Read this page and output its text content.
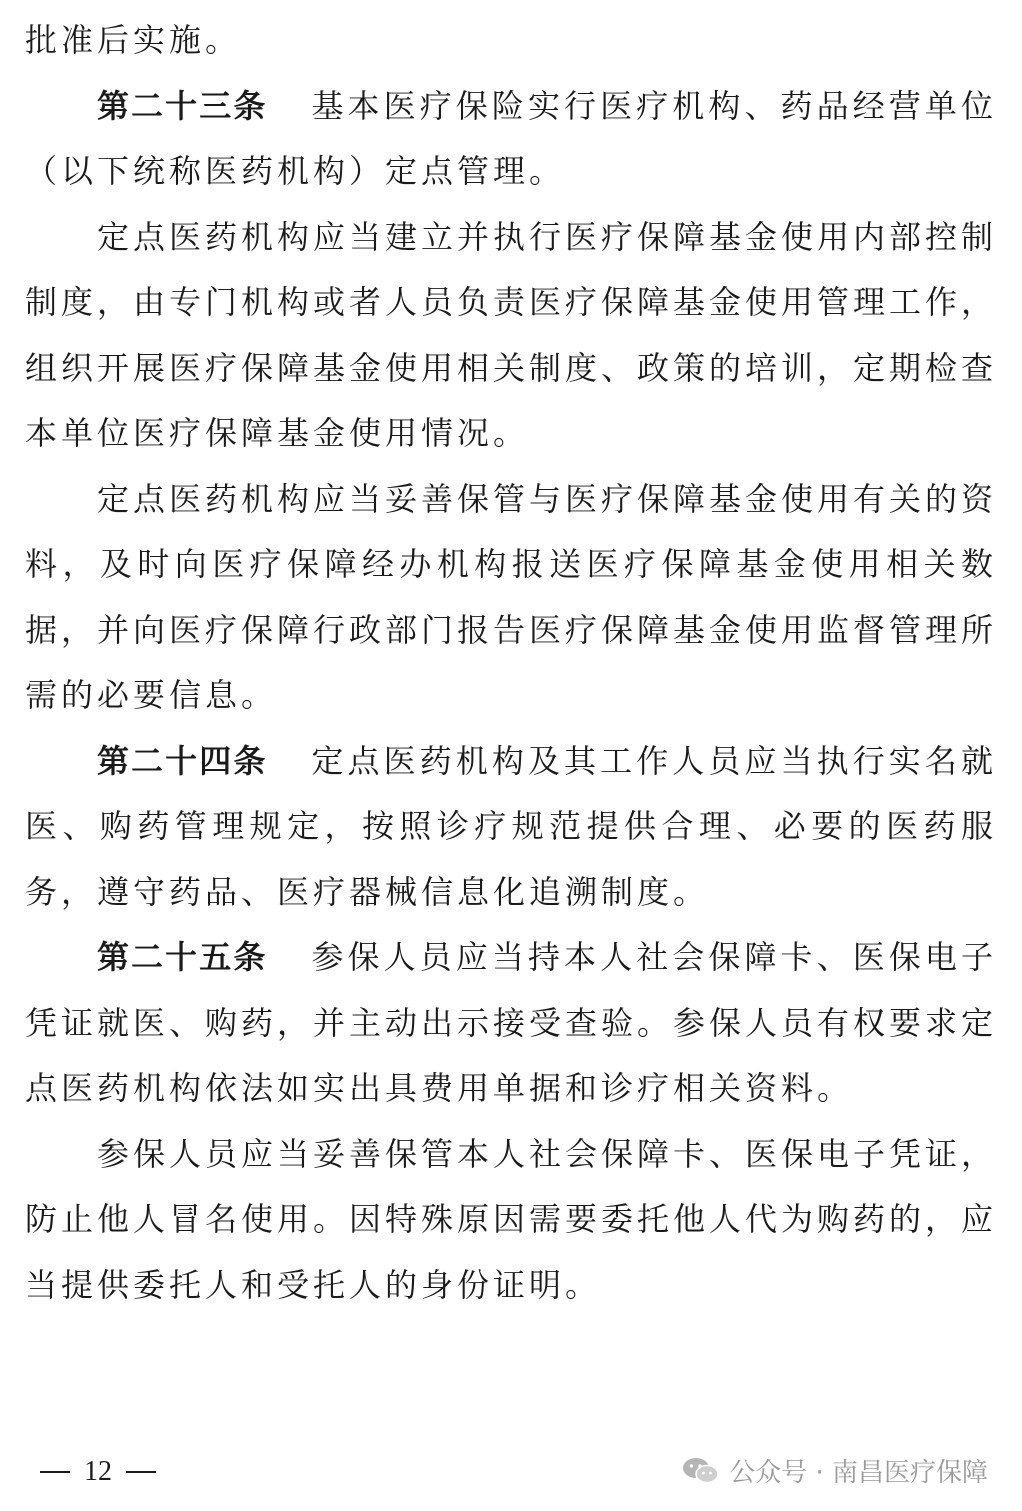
批准后实施。

第二十三条 基本医疗保险实行医疗机构、药品经营单位（以下统称医药机构）定点管理。

定点医药机构应当建立并执行医疗保障基金使用内部控制制度，由专门机构或者人员负责医疗保障基金使用管理工作，组织开展医疗保障基金使用相关制度、政策的培训，定期检查本单位医疗保障基金使用情况。

定点医药机构应当妥善保管与医疗保障基金使用有关的资料，及时向医疗保障经办机构报送医疗保障基金使用相关数据，并向医疗保障行政部门报告医疗保障基金使用监督管理所需的必要信息。

第二十四条 定点医药机构及其工作人员应当执行实名就医、购药管理规定，按照诊疗规范提供合理、必要的医药服务，遵守药品、医疗器械信息化追溯制度。

第二十五条 参保人员应当持本人社会保障卡、医保电子凭证就医、购药，并主动出示接受查验。参保人员有权要求定点医药机构依法如实出具费用单据和诊疗相关资料。

参保人员应当妥善保管本人社会保障卡、医保电子凭证，防止他人冒名使用。因特殊原因需要委托他人代为购药的，应当提供委托人和受托人的身份证明。

12	公众号 · 南昌医疗保障
